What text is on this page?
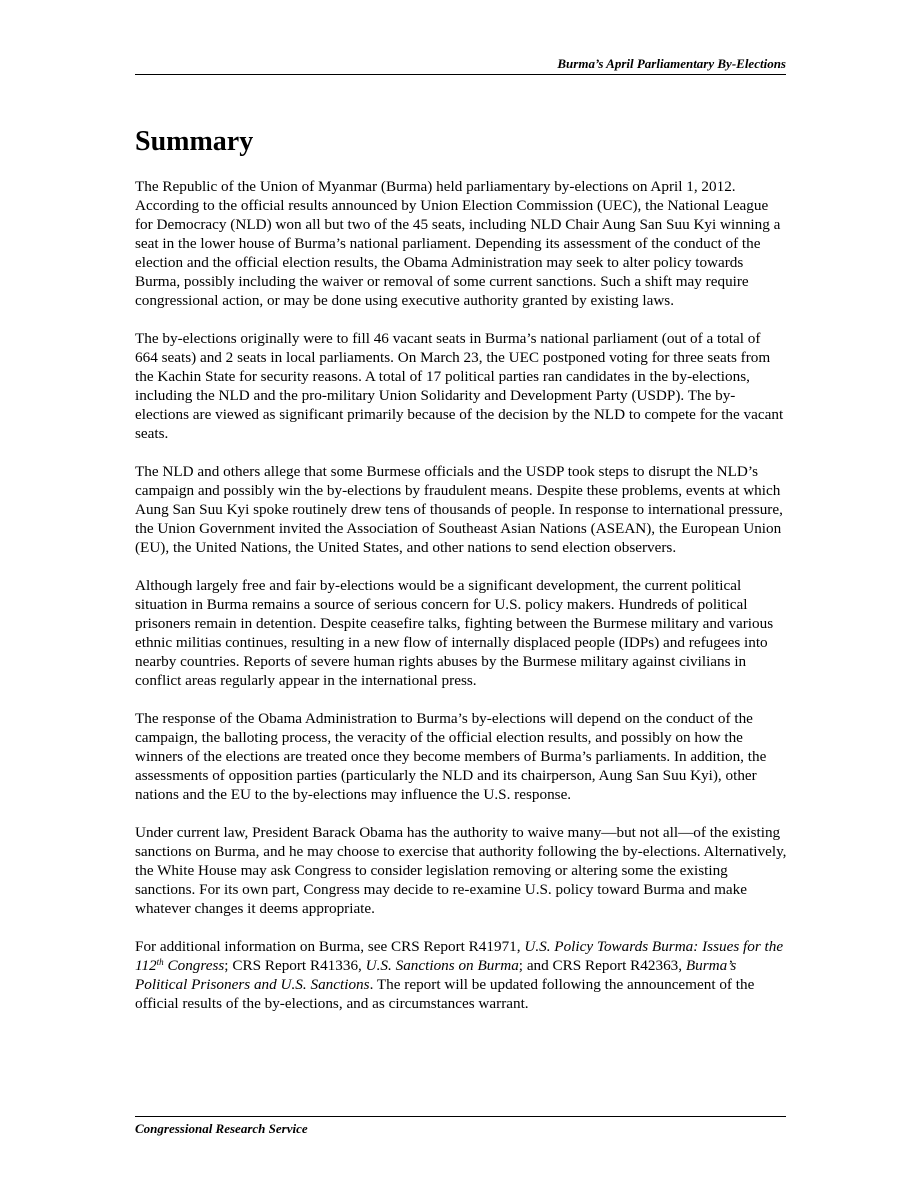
Burma’s April Parliamentary By-Elections
Summary

The Republic of the Union of Myanmar (Burma) held parliamentary by-elections on April 1, 2012. According to the official results announced by Union Election Commission (UEC), the National League for Democracy (NLD) won all but two of the 45 seats, including NLD Chair Aung San Suu Kyi winning a seat in the lower house of Burma’s national parliament. Depending its assessment of the conduct of the election and the official election results, the Obama Administration may seek to alter policy towards Burma, possibly including the waiver or removal of some current sanctions. Such a shift may require congressional action, or may be done using executive authority granted by existing laws.

The by-elections originally were to fill 46 vacant seats in Burma’s national parliament (out of a total of 664 seats) and 2 seats in local parliaments. On March 23, the UEC postponed voting for three seats from the Kachin State for security reasons. A total of 17 political parties ran candidates in the by-elections, including the NLD and the pro-military Union Solidarity and Development Party (USDP). The by-elections are viewed as significant primarily because of the decision by the NLD to compete for the vacant seats.

The NLD and others allege that some Burmese officials and the USDP took steps to disrupt the NLD’s campaign and possibly win the by-elections by fraudulent means. Despite these problems, events at which Aung San Suu Kyi spoke routinely drew tens of thousands of people. In response to international pressure, the Union Government invited the Association of Southeast Asian Nations (ASEAN), the European Union (EU), the United Nations, the United States, and other nations to send election observers.

Although largely free and fair by-elections would be a significant development, the current political situation in Burma remains a source of serious concern for U.S. policy makers. Hundreds of political prisoners remain in detention. Despite ceasefire talks, fighting between the Burmese military and various ethnic militias continues, resulting in a new flow of internally displaced people (IDPs) and refugees into nearby countries. Reports of severe human rights abuses by the Burmese military against civilians in conflict areas regularly appear in the international press.

The response of the Obama Administration to Burma’s by-elections will depend on the conduct of the campaign, the balloting process, the veracity of the official election results, and possibly on how the winners of the elections are treated once they become members of Burma’s parliaments. In addition, the assessments of opposition parties (particularly the NLD and its chairperson, Aung San Suu Kyi), other nations and the EU to the by-elections may influence the U.S. response.

Under current law, President Barack Obama has the authority to waive many—but not all—of the existing sanctions on Burma, and he may choose to exercise that authority following the by-elections. Alternatively, the White House may ask Congress to consider legislation removing or altering some the existing sanctions. For its own part, Congress may decide to re-examine U.S. policy toward Burma and make whatever changes it deems appropriate.

For additional information on Burma, see CRS Report R41971, U.S. Policy Towards Burma: Issues for the 112th Congress; CRS Report R41336, U.S. Sanctions on Burma; and CRS Report R42363, Burma’s Political Prisoners and U.S. Sanctions. The report will be updated following the announcement of the official results of the by-elections, and as circumstances warrant.

Congressional Research Service
